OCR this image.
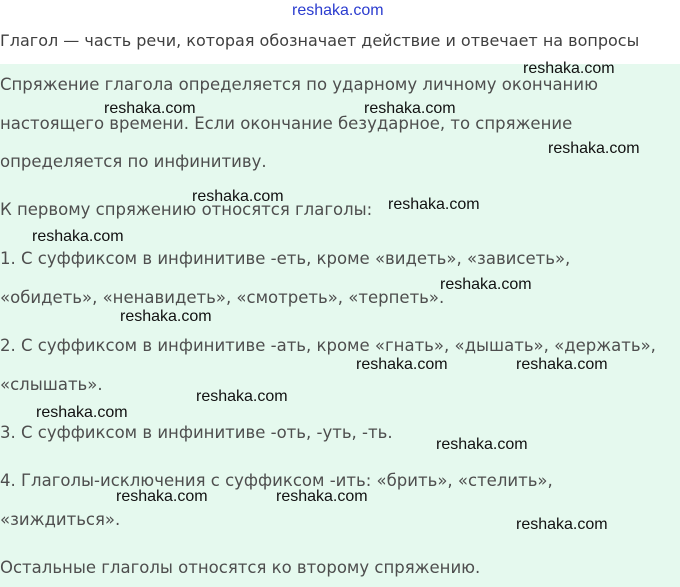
reshaka.com
Глагол — часть речи, которая обозначает действие и отвечает на вопросы
Спряжение глагола определяется по ударному личному окончанию
настоящего времени. Если окончание безударное, то спряжение
определяется по инфинитиву.
К первому спряжению относятся глаголы:
1. С суффиксом в инфинитиве -еть, кроме «видеть», «зависеть»,
«обидеть», «ненавидеть», «смотреть», «терпеть».
2. С суффиксом в инфинитиве -ать, кроме «гнать», «дышать», «держать»,
«слышать».
3. С суффиксом в инфинитиве -оть, -уть, -ть.
4. Глаголы-исключения с суффиксом -ить: «брить», «стелить»,
«зиждиться».
Остальные глаголы относятся ко второму спряжению.
reshaka.com
reshaka.com	reshaka.com
reshaka.com
reshaka.com	reshaka.com
reshaka.com
reshaka.com
reshaka.com
reshaka.com	reshaka.com
reshaka.com
reshaka.com
reshaka.com
reshaka.com	reshaka.com
reshaka.com
